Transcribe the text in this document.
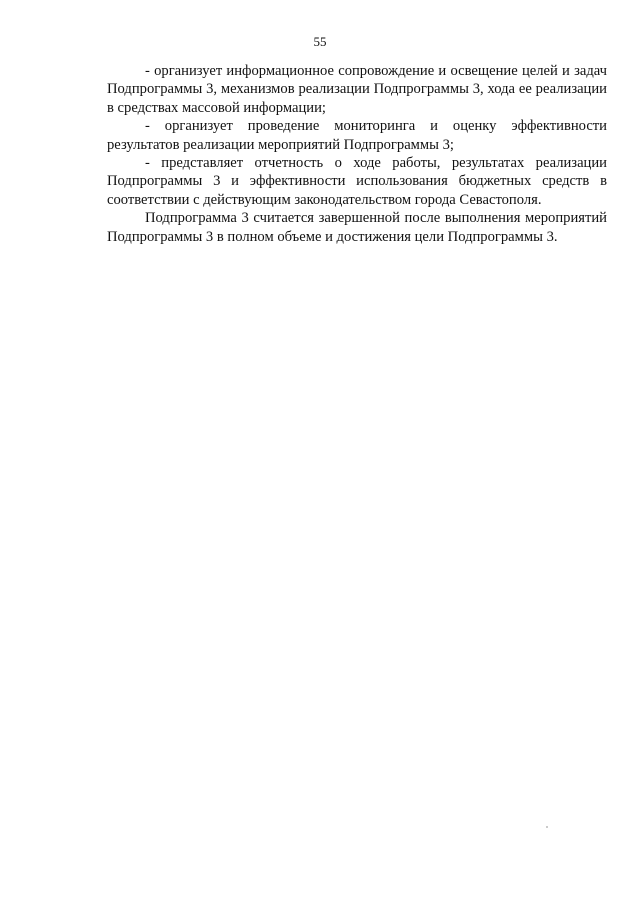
55

- организует информационное сопровождение и освещение целей и задач Подпрограммы 3, механизмов реализации Подпрограммы 3, хода ее реализации в средствах массовой информации;

- организует проведение мониторинга и оценку эффективности результатов реализации мероприятий Подпрограммы 3;

- представляет отчетность о ходе работы, результатах реализации Подпрограммы 3 и эффективности использования бюджетных средств в соответствии с действующим законодательством города Севастополя.

Подпрограмма 3 считается завершенной после выполнения мероприятий Подпрограммы 3 в полном объеме и достижения цели Подпрограммы 3.
